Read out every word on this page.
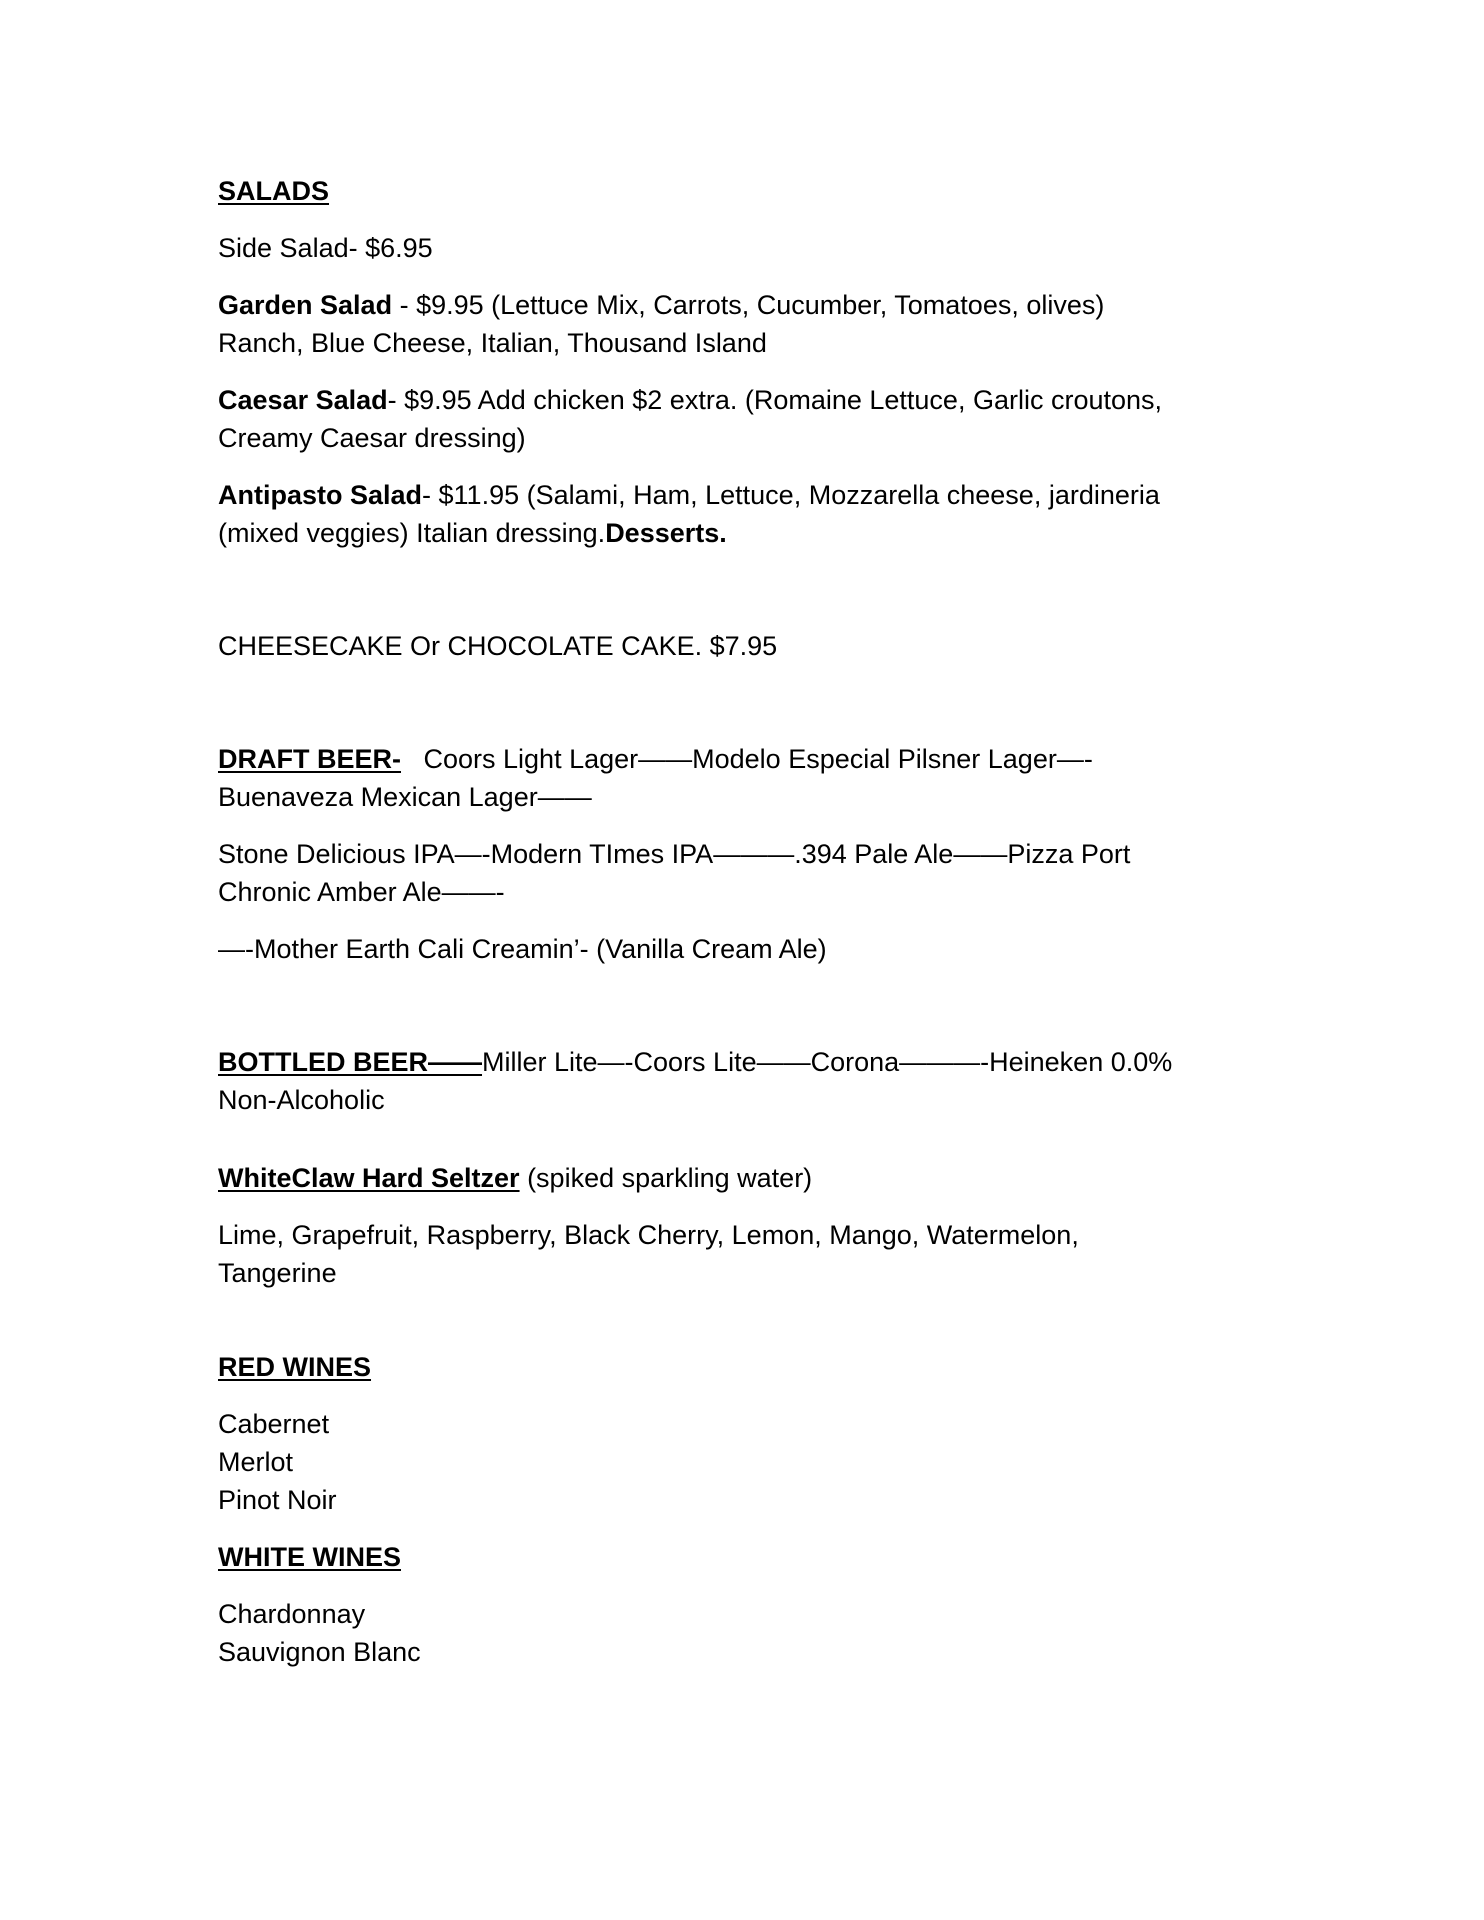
SALADS

Side Salad- $6.95

Garden Salad - $9.95 (Lettuce Mix, Carrots, Cucumber, Tomatoes, olives)
Ranch, Blue Cheese, Italian, Thousand Island

Caesar Salad- $9.95 Add chicken $2 extra. (Romaine Lettuce, Garlic croutons,
Creamy Caesar dressing)

Antipasto Salad- $11.95 (Salami, Ham, Lettuce, Mozzarella cheese, jardineria
(mixed veggies) Italian dressing.Desserts.

CHEESECAKE Or CHOCOLATE CAKE. $7.95

DRAFT BEER-   Coors Light Lager——Modelo Especial Pilsner Lager—-
Buenaveza Mexican Lager——

Stone Delicious IPA—-Modern TImes IPA———.394 Pale Ale——Pizza Port
Chronic Amber Ale——-

—-Mother Earth Cali Creamin’- (Vanilla Cream Ale)

BOTTLED BEER——Miller Lite—-Coors Lite——Corona———-Heineken 0.0%
Non-Alcoholic

WhiteClaw Hard Seltzer (spiked sparkling water)

Lime, Grapefruit, Raspberry, Black Cherry, Lemon, Mango, Watermelon,
Tangerine

RED WINES

Cabernet
Merlot
Pinot Noir

WHITE WINES

Chardonnay
Sauvignon Blanc
